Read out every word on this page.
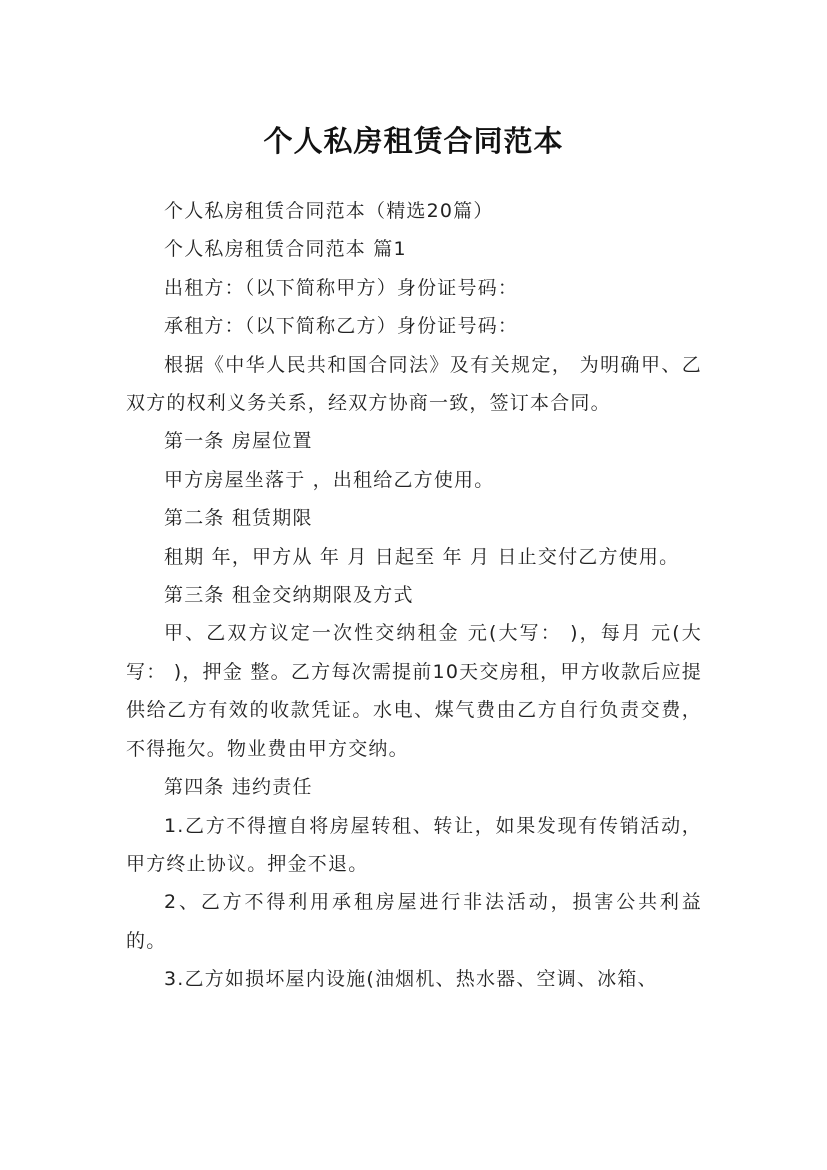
个人私房租赁合同范本

个人私房租赁合同范本（精选20篇）

个人私房租赁合同范本 篇1

出租方：（以下简称甲方）身份证号码：

承租方：（以下简称乙方）身份证号码：

根据《中华人民共和国合同法》及有关规定， 为明确甲、乙双方的权利义务关系，经双方协商一致，签订本合同。

第一条 房屋位置

甲方房屋坐落于 ，出租给乙方使用。

第二条 租赁期限

租期 年，甲方从 年 月 日起至 年 月 日止交付乙方使用。

第三条 租金交纳期限及方式

甲、乙双方议定一次性交纳租金 元(大写： )，每月 元(大写： )，押金 整。乙方每次需提前10天交房租，甲方收款后应提供给乙方有效的收款凭证。水电、煤气费由乙方自行负责交费，不得拖欠。物业费由甲方交纳。

第四条 违约责任

1.乙方不得擅自将房屋转租、转让，如果发现有传销活动，甲方终止协议。押金不退。

2、乙方不得利用承租房屋进行非法活动，损害公共利益的。

3.乙方如损坏屋内设施(油烟机、热水器、空调、冰箱、
